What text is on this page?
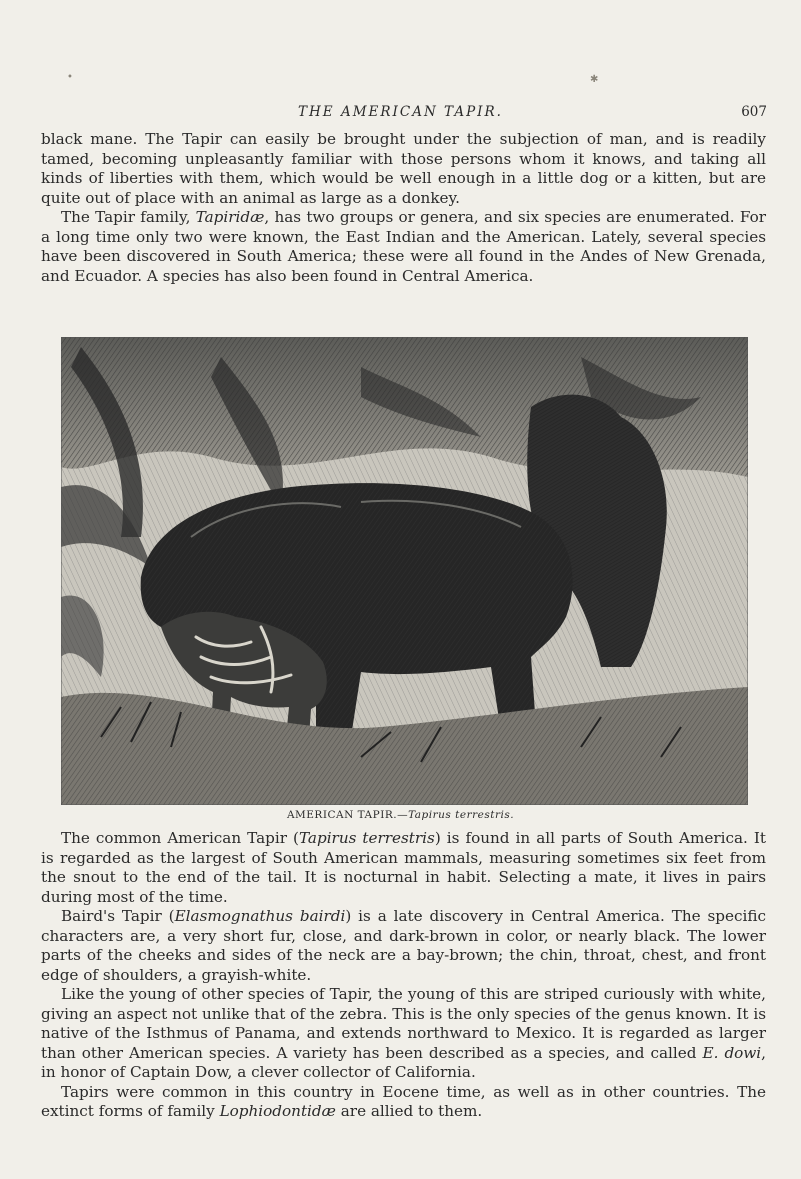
•	✱
THE AMERICAN TAPIR.	607

black mane. The Tapir can easily be brought under the subjection of man, and is readily tamed, becoming unpleasantly familiar with those persons whom it knows, and taking all kinds of liberties with them, which would be well enough in a little dog or a kitten, but are quite out of place with an animal as large as a donkey.

The Tapir family, Tapiridæ, has two groups or genera, and six species are enumerated. For a long time only two were known, the East Indian and the American. Lately, several species have been discovered in South America; these were all found in the Andes of New Grenada, and Ecuador. A species has also been found in Central America.

AMERICAN TAPIR.—Tapirus terrestris.

The common American Tapir (Tapirus terrestris) is found in all parts of South America. It is regarded as the largest of South American mammals, measuring sometimes six feet from the snout to the end of the tail. It is nocturnal in habit. Selecting a mate, it lives in pairs during most of the time.

Baird's Tapir (Elasmognathus bairdi) is a late discovery in Central America. The specific characters are, a very short fur, close, and dark-brown in color, or nearly black. The lower parts of the cheeks and sides of the neck are a bay-brown; the chin, throat, chest, and front edge of shoulders, a grayish-white.

Like the young of other species of Tapir, the young of this are striped curiously with white, giving an aspect not unlike that of the zebra. This is the only species of the genus known. It is native of the Isthmus of Panama, and extends northward to Mexico. It is regarded as larger than other American species. A variety has been described as a species, and called E. dowi, in honor of Captain Dow, a clever collector of California.

Tapirs were common in this country in Eocene time, as well as in other countries. The extinct forms of family Lophiodontidæ are allied to them.
